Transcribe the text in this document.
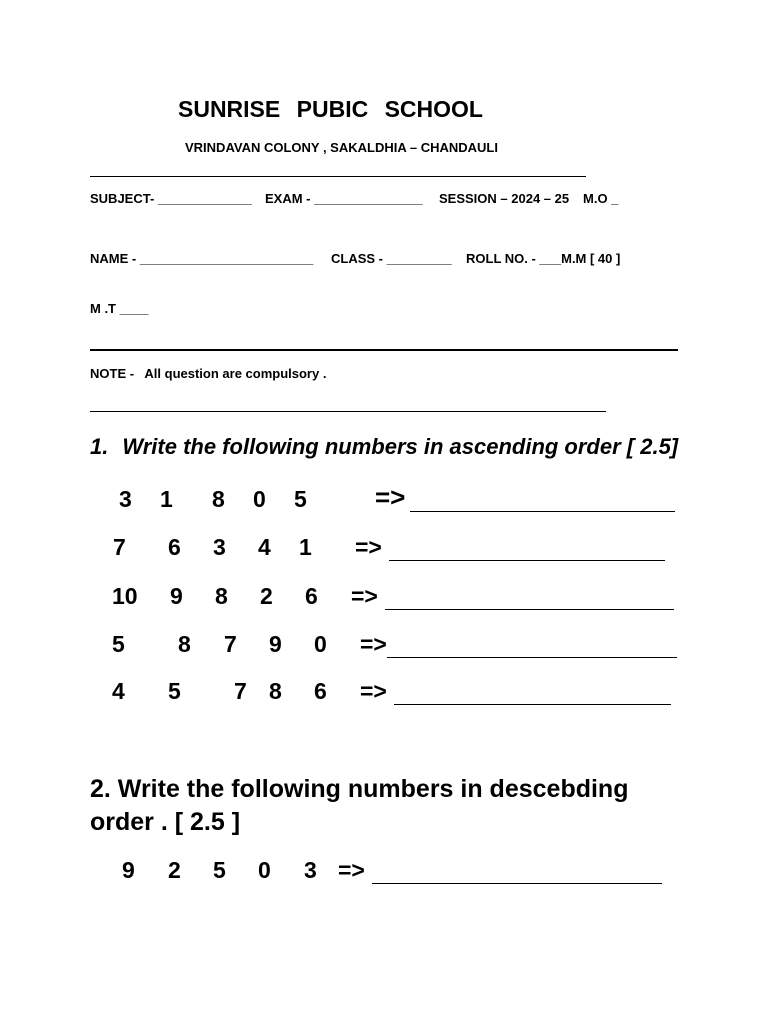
SUNRISE PUBIC SCHOOL
VRINDAVAN COLONY , SAKALDHIA – CHANDAULI
SUBJECT- _____________ EXAM - _______________ SESSION – 2024 – 25 M.O _
NAME - ________________________ CLASS - _________ ROLL NO. - ___M.M [ 40 ]
M .T ____
NOTE -   All question are compulsory .
1. Write the following numbers in ascending order [ 2.5]
3 1 8 0 5	=>
7 6 3 4 1 =>
10 9 8 2 6 =>
5 8 7 9 0 =>
4 5 7 8 6 =>
2. Write the following numbers in descebding order . [ 2.5 ]
9 2 5 0 3 =>
